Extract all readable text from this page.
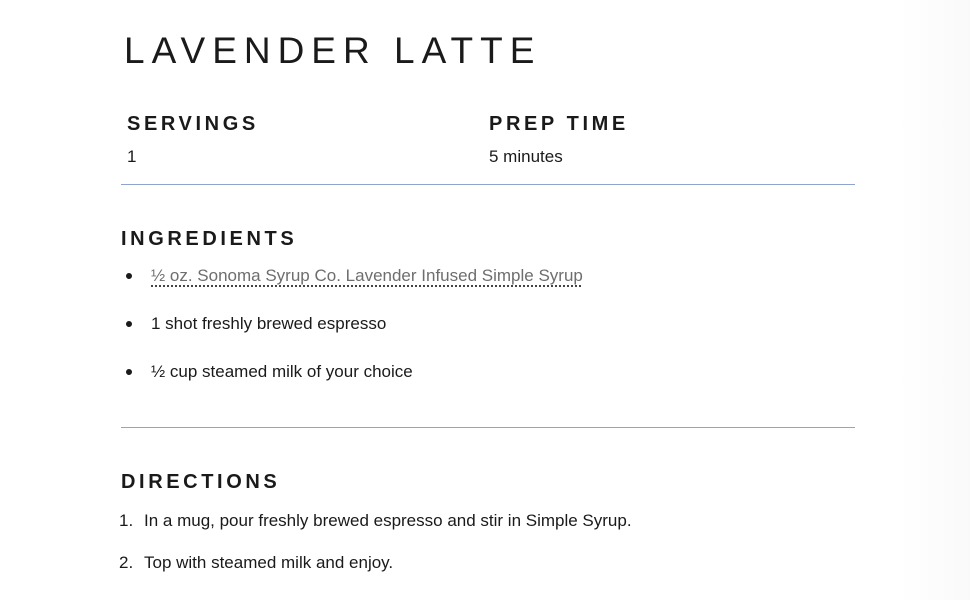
LAVENDER LATTE
SERVINGS
1
PREP TIME
5 minutes
INGREDIENTS
½ oz. Sonoma Syrup Co. Lavender Infused Simple Syrup
1 shot freshly brewed espresso
½ cup steamed milk of your choice
DIRECTIONS
1. In a mug, pour freshly brewed espresso and stir in Simple Syrup.
2. Top with steamed milk and enjoy.
